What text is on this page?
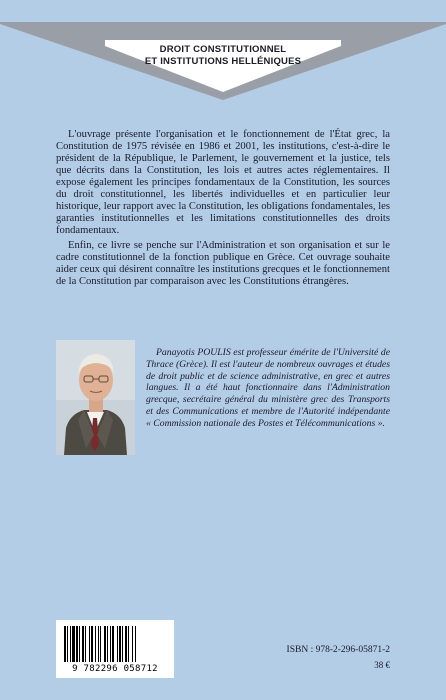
DROIT CONSTITUTIONNEL
ET INSTITUTIONS HELLÉNIQUES

L'ouvrage présente l'organisation et le fonctionnement de l'État grec, la Constitution de 1975 révisée en 1986 et 2001, les institutions, c'est-à-dire le président de la République, le Parlement, le gouvernement et la justice, tels que décrits dans la Constitution, les lois et autres actes réglementaires. Il expose également les principes fondamentaux de la Constitution, les sources du droit constitutionnel, les libertés individuelles et en particulier leur historique, leur rapport avec la Constitution, les obligations fondamentales, les garanties institutionnelles et les limitations constitutionnelles des droits fondamentaux.

Enfin, ce livre se penche sur l'Administration et son organisation et sur le cadre constitutionnel de la fonction publique en Grèce. Cet ouvrage souhaite aider ceux qui désirent connaître les institutions grecques et le fonctionnement de la Constitution par comparaison avec les Constitutions étrangères.

Panayotis POULIS est professeur émérite de l'Université de Thrace (Grèce). Il est l'auteur de nombreux ouvrages et études de droit public et de science administrative, en grec et autres langues. Il a été haut fonctionnaire dans l'Administration grecque, secrétaire général du ministère grec des Transports et des Communications et membre de l'Autorité indépendante « Commission nationale des Postes et Télécommunications ».

9 782296 058712
ISBN : 978-2-296-05871-2
38 €
